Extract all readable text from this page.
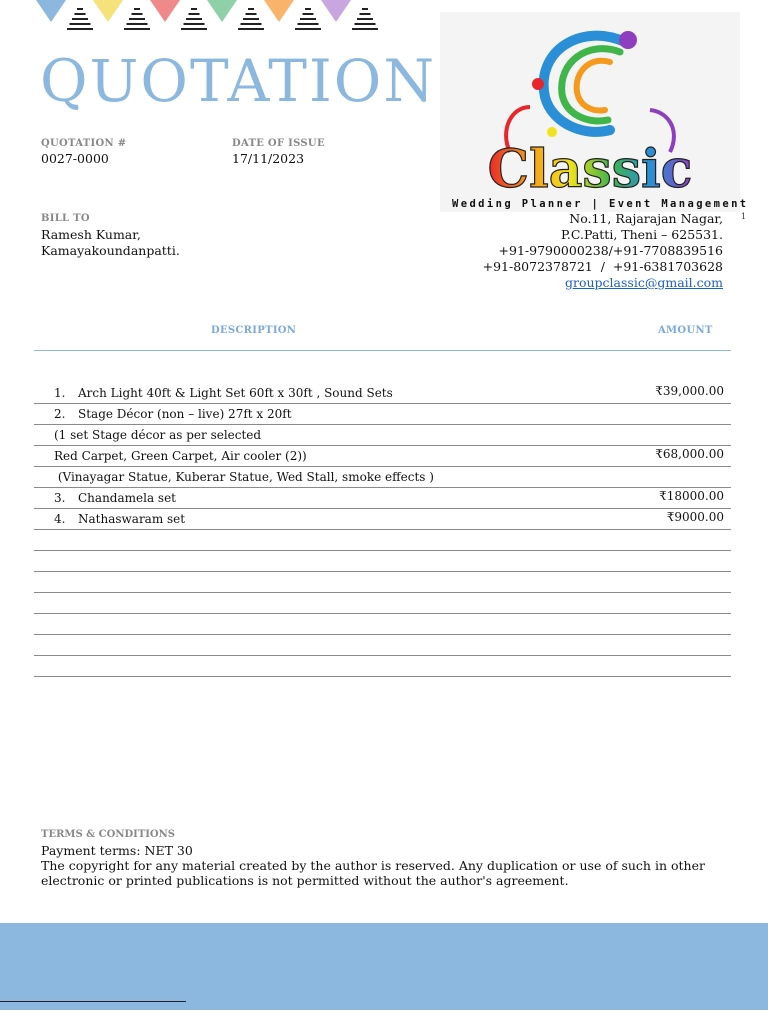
QUOTATION
QUOTATION #
0027-0000
DATE OF ISSUE
17/11/2023
BILL TO
Ramesh Kumar,
Kamayakoundanpatti.
Classic
Wedding Planner | Event Management
No.11, Rajarajan Nagar,
P.C.Patti, Theni – 625531.
+91-9790000238/+91-7708839516
+91-8072378721  /  +91-6381703628
groupclassic@gmail.com
1
DESCRIPTION	AMOUNT
1. Arch Light 40ft & Light Set 60ft x 30ft , Sound Sets	₹39,000.00
2. Stage Décor (non – live) 27ft x 20ft
(1 set Stage décor as per selected
Red Carpet, Green Carpet, Air cooler (2))	₹68,000.00
(Vinayagar Statue, Kuberar Statue, Wed Stall, smoke effects )
3. Chandamela set	₹18000.00
4. Nathaswaram set	₹9000.00
TERMS & CONDITIONS
Payment terms: NET 30
The copyright for any material created by the author is reserved. Any duplication or use of such in other electronic or printed publications is not permitted without the author's agreement.
